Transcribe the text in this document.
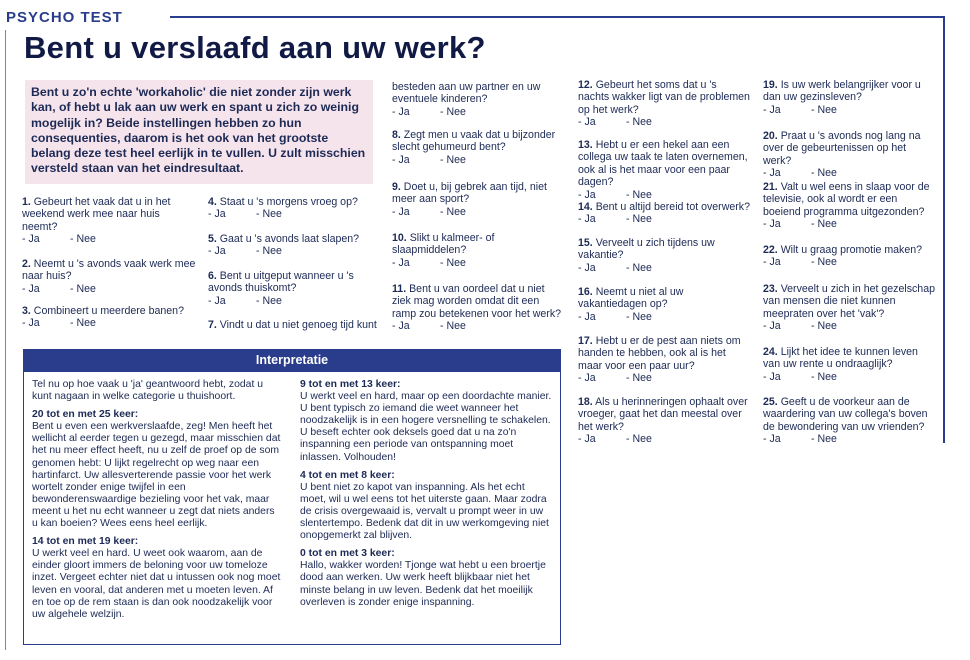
PSYCHO TEST
Bent u verslaafd aan uw werk?
Bent u zo'n echte 'workaholic' die niet zonder zijn werk kan, of hebt u lak aan uw werk en spant u zich zo weinig mogelijk in? Beide instellingen hebben zo hun consequenties, daarom is het ook van het grootste belang deze test heel eerlijk in te vullen. U zult misschien versteld staan van het eindresultaat.
1. Gebeurt het vaak dat u in het weekend werk mee naar huis neemt?
- Ja	- Nee
2. Neemt u 's avonds vaak werk mee naar huis?
- Ja	- Nee
3. Combineert u meerdere banen?
- Ja	- Nee
4. Staat u 's morgens vroeg op?
- Ja	- Nee
5. Gaat u 's avonds laat slapen?
- Ja	- Nee
6. Bent u uitgeput wanneer u 's avonds thuiskomt?
- Ja	- Nee
7. Vindt u dat u niet genoeg tijd kunt
besteden aan uw partner en uw eventuele kinderen?
- Ja	- Nee
8. Zegt men u vaak dat u bijzonder slecht gehumeurd bent?
- Ja	- Nee
9. Doet u, bij gebrek aan tijd, niet meer aan sport?
- Ja	- Nee
10. Slikt u kalmeer- of slaapmiddelen?
- Ja	- Nee
11. Bent u van oordeel dat u niet ziek mag worden omdat dit een ramp zou betekenen voor het werk?
- Ja	- Nee
12. Gebeurt het soms dat u 's nachts wakker ligt van de problemen op het werk?
- Ja	- Nee
13. Hebt u er een hekel aan een collega uw taak te laten overnemen, ook al is het maar voor een paar dagen?
- Ja	- Nee
14. Bent u altijd bereid tot overwerk?
- Ja	- Nee
15. Verveelt u zich tijdens uw vakantie?
- Ja	- Nee
16. Neemt u niet al uw vakantiedagen op?
- Ja	- Nee
17. Hebt u er de pest aan niets om handen te hebben, ook al is het maar voor een paar uur?
- Ja	- Nee
18. Als u herinneringen ophaalt over vroeger, gaat het dan meestal over het werk?
- Ja	- Nee
19. Is uw werk belangrijker voor u dan uw gezinsleven?
- Ja	- Nee
20. Praat u 's avonds nog lang na over de gebeurtenissen op het werk?
- Ja	- Nee
21. Valt u wel eens in slaap voor de televisie, ook al wordt er een boeiend programma uitgezonden?
- Ja	- Nee
22. Wilt u graag promotie maken?
- Ja	- Nee
23. Verveelt u zich in het gezelschap van mensen die niet kunnen meepraten over het 'vak'?
- Ja	- Nee
24. Lijkt het idee te kunnen leven van uw rente u ondraaglijk?
- Ja	- Nee
25. Geeft u de voorkeur aan de waardering van uw collega's boven de bewondering van uw vrienden?
- Ja	- Nee
Interpretatie

Tel nu op hoe vaak u 'ja' geantwoord hebt, zodat u kunt nagaan in welke categorie u thuishoort.

20 tot en met 25 keer:
Bent u even een werkverslaafde, zeg! Men heeft het wellicht al eerder tegen u gezegd, maar misschien dat het nu meer effect heeft, nu u zelf de proef op de som genomen hebt: U lijkt regelrecht op weg naar een hartinfarct. Uw allesverterende passie voor het werk wortelt zonder enige twijfel in een bewonderenswaardige bezieling voor het vak, maar meent u het nu echt wanneer u zegt dat niets anders u kan boeien? Wees eens heel eerlijk.

14 tot en met 19 keer:
U werkt veel en hard. U weet ook waarom, aan de einder gloort immers de beloning voor uw tomeloze inzet. Vergeet echter niet dat u intussen ook nog moet leven en vooral, dat anderen met u moeten leven. Af en toe op de rem staan is dan ook noodzakelijk voor uw algehele welzijn.

9 tot en met 13 keer:
U werkt veel en hard, maar op een doordachte manier. U bent typisch zo iemand die weet wanneer het noodzakelijk is in een hogere versnelling te schakelen. U beseft echter ook deksels goed dat u na zo'n inspanning een periode van ontspanning moet inlassen. Volhouden!

4 tot en met 8 keer:
U bent niet zo kapot van inspanning. Als het echt moet, wil u wel eens tot het uiterste gaan. Maar zodra de crisis overgewaaid is, vervalt u prompt weer in uw slentertempo. Bedenk dat dit in uw werkomgeving niet onopgemerkt zal blijven.

0 tot en met 3 keer:
Hallo, wakker worden! Tjonge wat hebt u een broertje dood aan werken. Uw werk heeft blijkbaar niet het minste belang in uw leven. Bedenk dat het moeilijk overleven is zonder enige inspanning.
